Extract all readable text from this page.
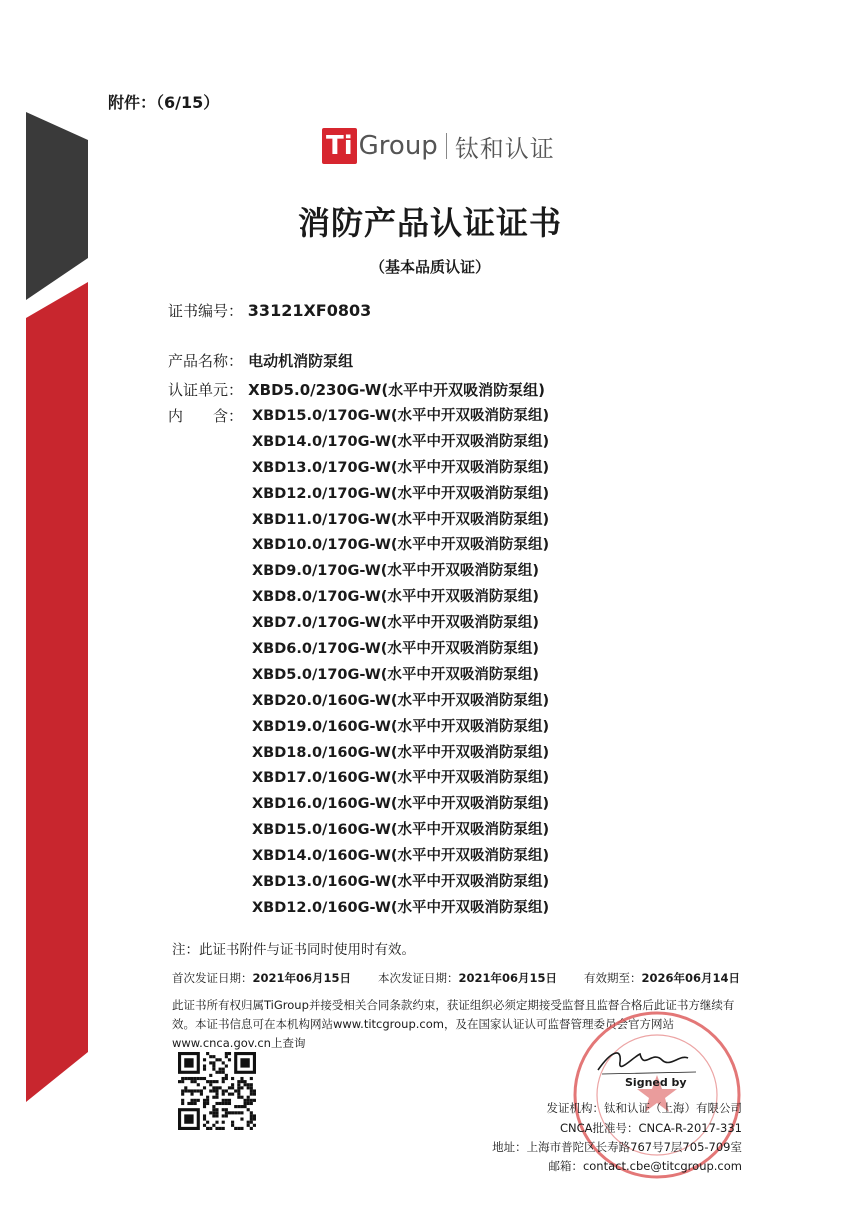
附件：（6/15）
Ti Group 钛和认证
消防产品认证证书
（基本品质认证）
证书编号： 33121XF0803
产品名称： 电动机消防泵组
认证单元： XBD5.0/230G-W(水平中开双吸消防泵组)
内　　含： XBD15.0/170G-W(水平中开双吸消防泵组)
XBD14.0/170G-W(水平中开双吸消防泵组)
XBD13.0/170G-W(水平中开双吸消防泵组)
XBD12.0/170G-W(水平中开双吸消防泵组)
XBD11.0/170G-W(水平中开双吸消防泵组)
XBD10.0/170G-W(水平中开双吸消防泵组)
XBD9.0/170G-W(水平中开双吸消防泵组)
XBD8.0/170G-W(水平中开双吸消防泵组)
XBD7.0/170G-W(水平中开双吸消防泵组)
XBD6.0/170G-W(水平中开双吸消防泵组)
XBD5.0/170G-W(水平中开双吸消防泵组)
XBD20.0/160G-W(水平中开双吸消防泵组)
XBD19.0/160G-W(水平中开双吸消防泵组)
XBD18.0/160G-W(水平中开双吸消防泵组)
XBD17.0/160G-W(水平中开双吸消防泵组)
XBD16.0/160G-W(水平中开双吸消防泵组)
XBD15.0/160G-W(水平中开双吸消防泵组)
XBD14.0/160G-W(水平中开双吸消防泵组)
XBD13.0/160G-W(水平中开双吸消防泵组)
XBD12.0/160G-W(水平中开双吸消防泵组)
注：此证书附件与证书同时使用时有效。
首次发证日期：2021年06月15日 本次发证日期：2021年06月15日 有效期至：2026年06月14日
此证书所有权归属TiGroup并接受相关合同条款约束，获证组织必须定期接受监督且监督合格后此证书方继续有效。本证书信息可在本机构网站www.titcgroup.com，及在国家认证认可监督管理委员会官方网站www.cnca.gov.cn上查询
Signed by
发证机构：钛和认证（上海）有限公司
CNCA批准号：CNCA-R-2017-331
地址：上海市普陀区长寿路767号7层705-709室
邮箱：contact.cbe@titcgroup.com
